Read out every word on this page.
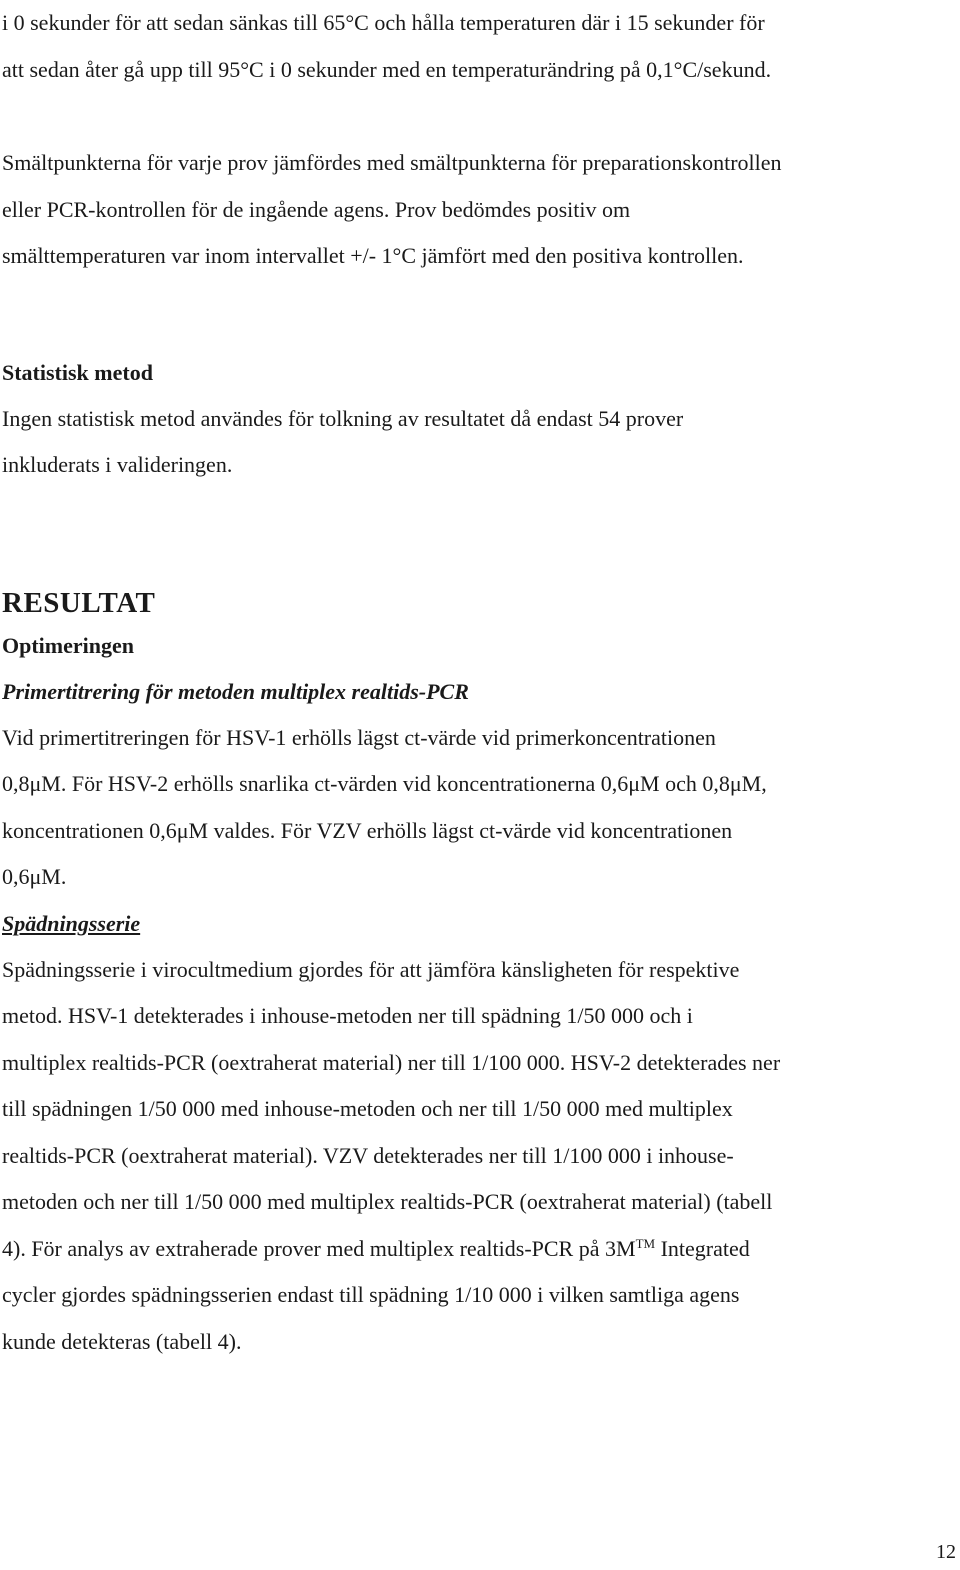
i 0 sekunder för att sedan sänkas till 65°C och hålla temperaturen där i 15 sekunder för

att sedan åter gå upp till 95°C i 0 sekunder med en temperaturändring på 0,1°C/sekund.

Smältpunkterna för varje prov jämfördes med smältpunkterna för preparationskontrollen

eller PCR-kontrollen för de ingående agens. Prov bedömdes positiv om

smälttemperaturen var inom intervallet +/- 1°C jämfört med den positiva kontrollen.

Statistisk metod

Ingen statistisk metod användes för tolkning av resultatet då endast 54 prover

inkluderats i valideringen.

RESULTAT

Optimeringen

Primertitrering för metoden multiplex realtids-PCR

Vid primertitreringen för HSV-1 erhölls lägst ct-värde vid primerkoncentrationen

0,8μM. För HSV-2 erhölls snarlika ct-värden vid koncentrationerna 0,6μM och 0,8μM,

koncentrationen 0,6μM valdes. För VZV erhölls lägst ct-värde vid koncentrationen

0,6μM.

Spädningsserie

Spädningsserie i virocultmedium gjordes för att jämföra känsligheten för respektive

metod. HSV-1 detekterades i inhouse-metoden ner till spädning 1/50 000 och i

multiplex realtids-PCR (oextraherat material) ner till 1/100 000. HSV-2 detekterades ner

till spädningen 1/50 000 med inhouse-metoden och ner till 1/50 000 med multiplex

realtids-PCR (oextraherat material). VZV detekterades ner till 1/100 000 i inhouse-

metoden och ner till 1/50 000 med multiplex realtids-PCR (oextraherat material) (tabell

4). För analys av extraherade prover med multiplex realtids-PCR på 3M™ Integrated

cycler gjordes spädningsserien endast till spädning 1/10 000 i vilken samtliga agens

kunde detekteras (tabell 4).

12
